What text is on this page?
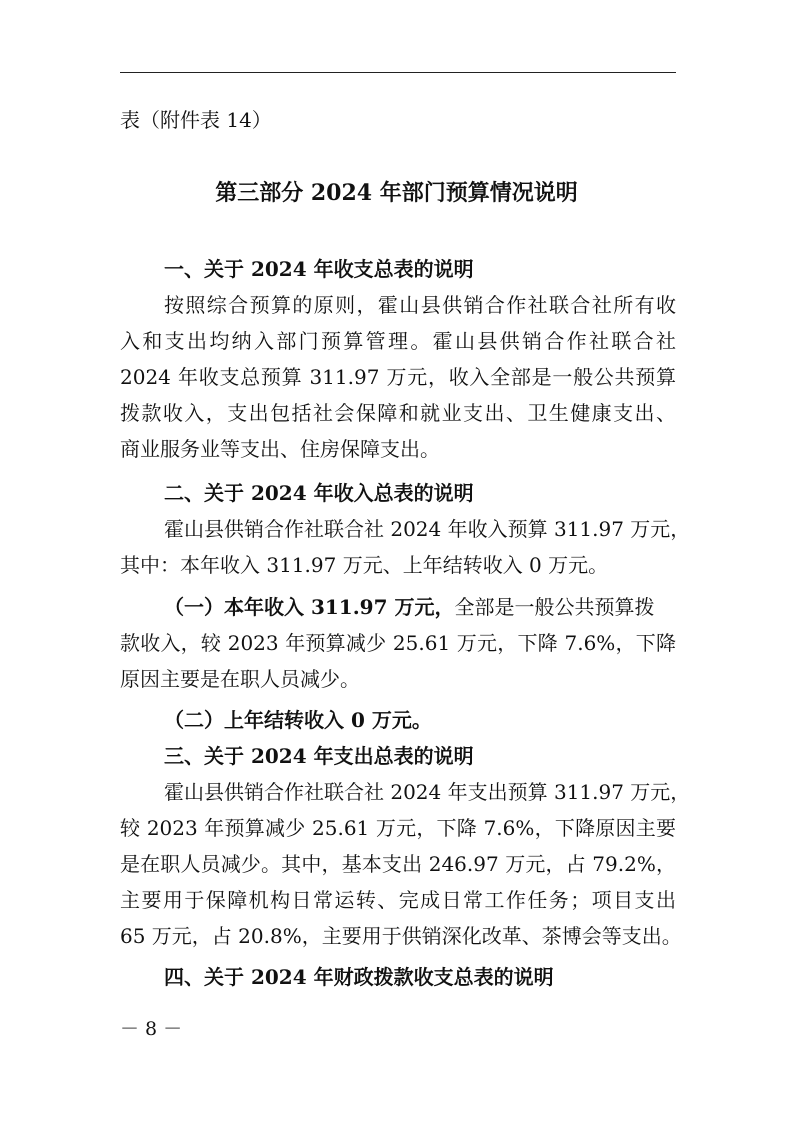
表（附件表 14）
第三部分 2024 年部门预算情况说明
一、关于 2024 年收支总表的说明
按照综合预算的原则，霍山县供销合作社联合社所有收
入和支出均纳入部门预算管理。霍山县供销合作社联合社
2024 年收支总预算 311.97 万元，收入全部是一般公共预算
拨款收入，支出包括社会保障和就业支出、卫生健康支出、
商业服务业等支出、住房保障支出。
二、关于 2024 年收入总表的说明
霍山县供销合作社联合社 2024 年收入预算 311.97 万元，
其中：本年收入 311.97 万元、上年结转收入 0 万元。
（一）本年收入 311.97 万元，全部是一般公共预算拨
款收入，较 2023 年预算减少 25.61 万元，下降 7.6%，下降
原因主要是在职人员减少。
（二）上年结转收入 0 万元。
三、关于 2024 年支出总表的说明
霍山县供销合作社联合社 2024 年支出预算 311.97 万元，
较 2023 年预算减少 25.61 万元，下降 7.6%，下降原因主要
是在职人员减少。其中，基本支出 246.97 万元，占 79.2%，
主要用于保障机构日常运转、完成日常工作任务；项目支出
65 万元，占 20.8%，主要用于供销深化改革、茶博会等支出。
四、关于 2024 年财政拨款收支总表的说明
－ 8 －
